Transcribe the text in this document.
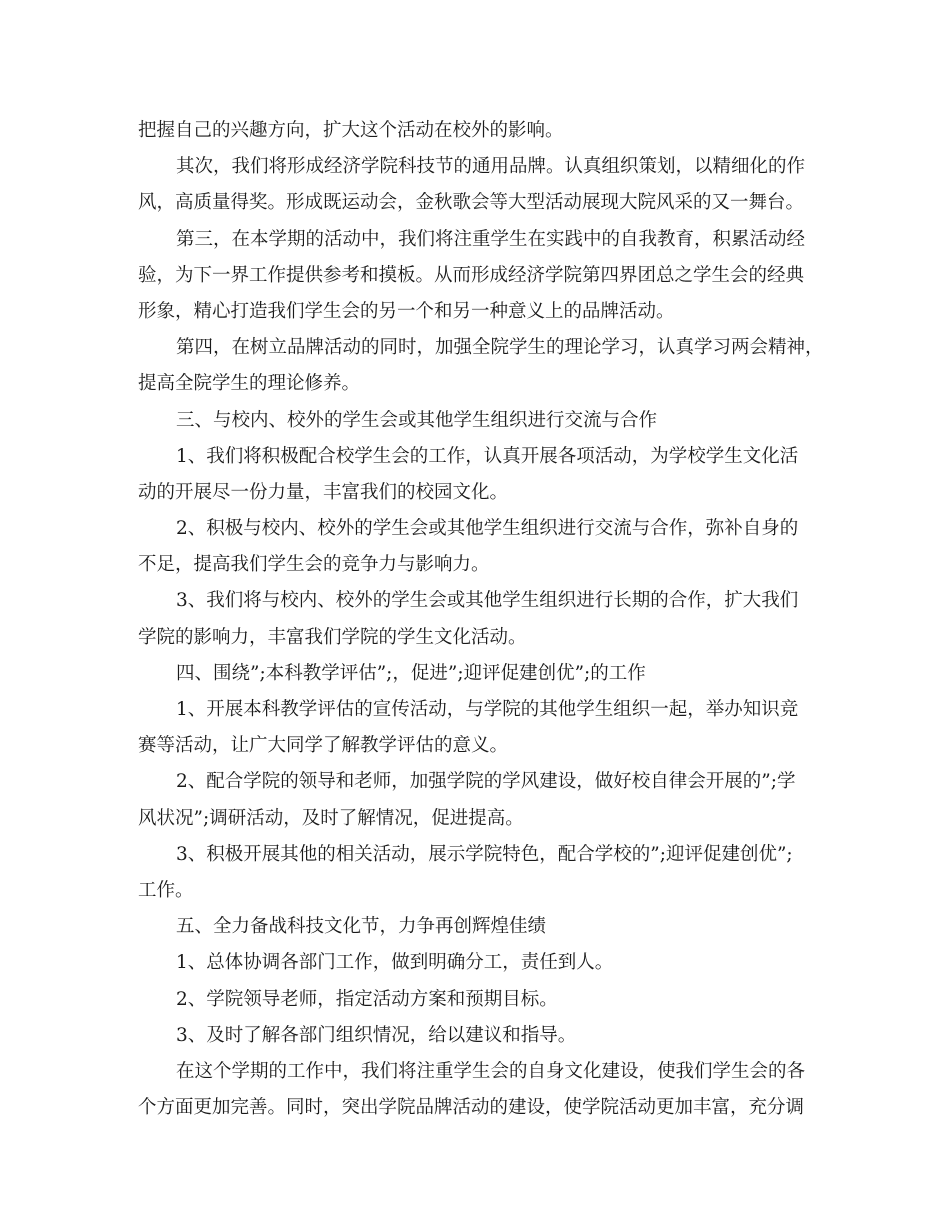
把握自己的兴趣方向，扩大这个活动在校外的影响。
其次，我们将形成经济学院科技节的通用品牌。认真组织策划，以精细化的作
风，高质量得奖。形成既运动会，金秋歌会等大型活动展现大院风采的又一舞台。
第三，在本学期的活动中，我们将注重学生在实践中的自我教育，积累活动经
验，为下一界工作提供参考和摸板。从而形成经济学院第四界团总之学生会的经典
形象，精心打造我们学生会的另一个和另一种意义上的品牌活动。
第四，在树立品牌活动的同时，加强全院学生的理论学习，认真学习两会精神，
提高全院学生的理论修养。
三、与校内、校外的学生会或其他学生组织进行交流与合作
1、我们将积极配合校学生会的工作，认真开展各项活动，为学校学生文化活
动的开展尽一份力量，丰富我们的校园文化。
2、积极与校内、校外的学生会或其他学生组织进行交流与合作，弥补自身的
不足，提高我们学生会的竞争力与影响力。
3、我们将与校内、校外的学生会或其他学生组织进行长期的合作，扩大我们
学院的影响力，丰富我们学院的学生文化活动。
四、围绕”;本科教学评估”;，促进”;迎评促建创优”;的工作
1、开展本科教学评估的宣传活动，与学院的其他学生组织一起，举办知识竞
赛等活动，让广大同学了解教学评估的意义。
2、配合学院的领导和老师，加强学院的学风建设，做好校自律会开展的”;学
风状况”;调研活动，及时了解情况，促进提高。
3、积极开展其他的相关活动，展示学院特色，配合学校的”;迎评促建创优”;
工作。
五、全力备战科技文化节，力争再创辉煌佳绩
1、总体协调各部门工作，做到明确分工，责任到人。
2、学院领导老师，指定活动方案和预期目标。
3、及时了解各部门组织情况，给以建议和指导。
在这个学期的工作中，我们将注重学生会的自身文化建设，使我们学生会的各
个方面更加完善。同时，突出学院品牌活动的建设，使学院活动更加丰富，充分调
